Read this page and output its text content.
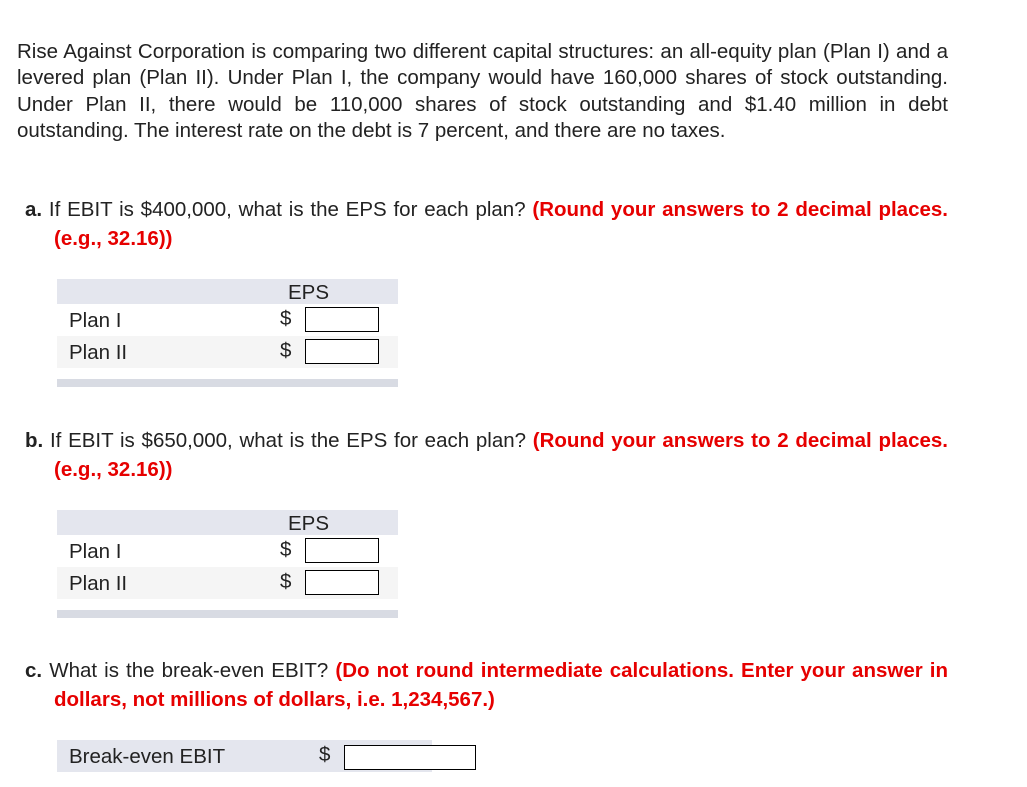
Rise Against Corporation is comparing two different capital structures: an all-equity plan (Plan I) and a levered plan (Plan II). Under Plan I, the company would have 160,000 shares of stock outstanding. Under Plan II, there would be 110,000 shares of stock outstanding and $1.40 million in debt outstanding. The interest rate on the debt is 7 percent, and there are no taxes.

a. If EBIT is $400,000, what is the EPS for each plan? (Round your answers to 2 decimal places.(e.g., 32.16))

EPS
Plan I	$
Plan II	$

b. If EBIT is $650,000, what is the EPS for each plan? (Round your answers to 2 decimal places.(e.g., 32.16))

EPS
Plan I	$
Plan II	$

c. What is the break-even EBIT? (Do not round intermediate calculations. Enter your answer in dollars, not millions of dollars, i.e. 1,234,567.)

Break-even EBIT	$
